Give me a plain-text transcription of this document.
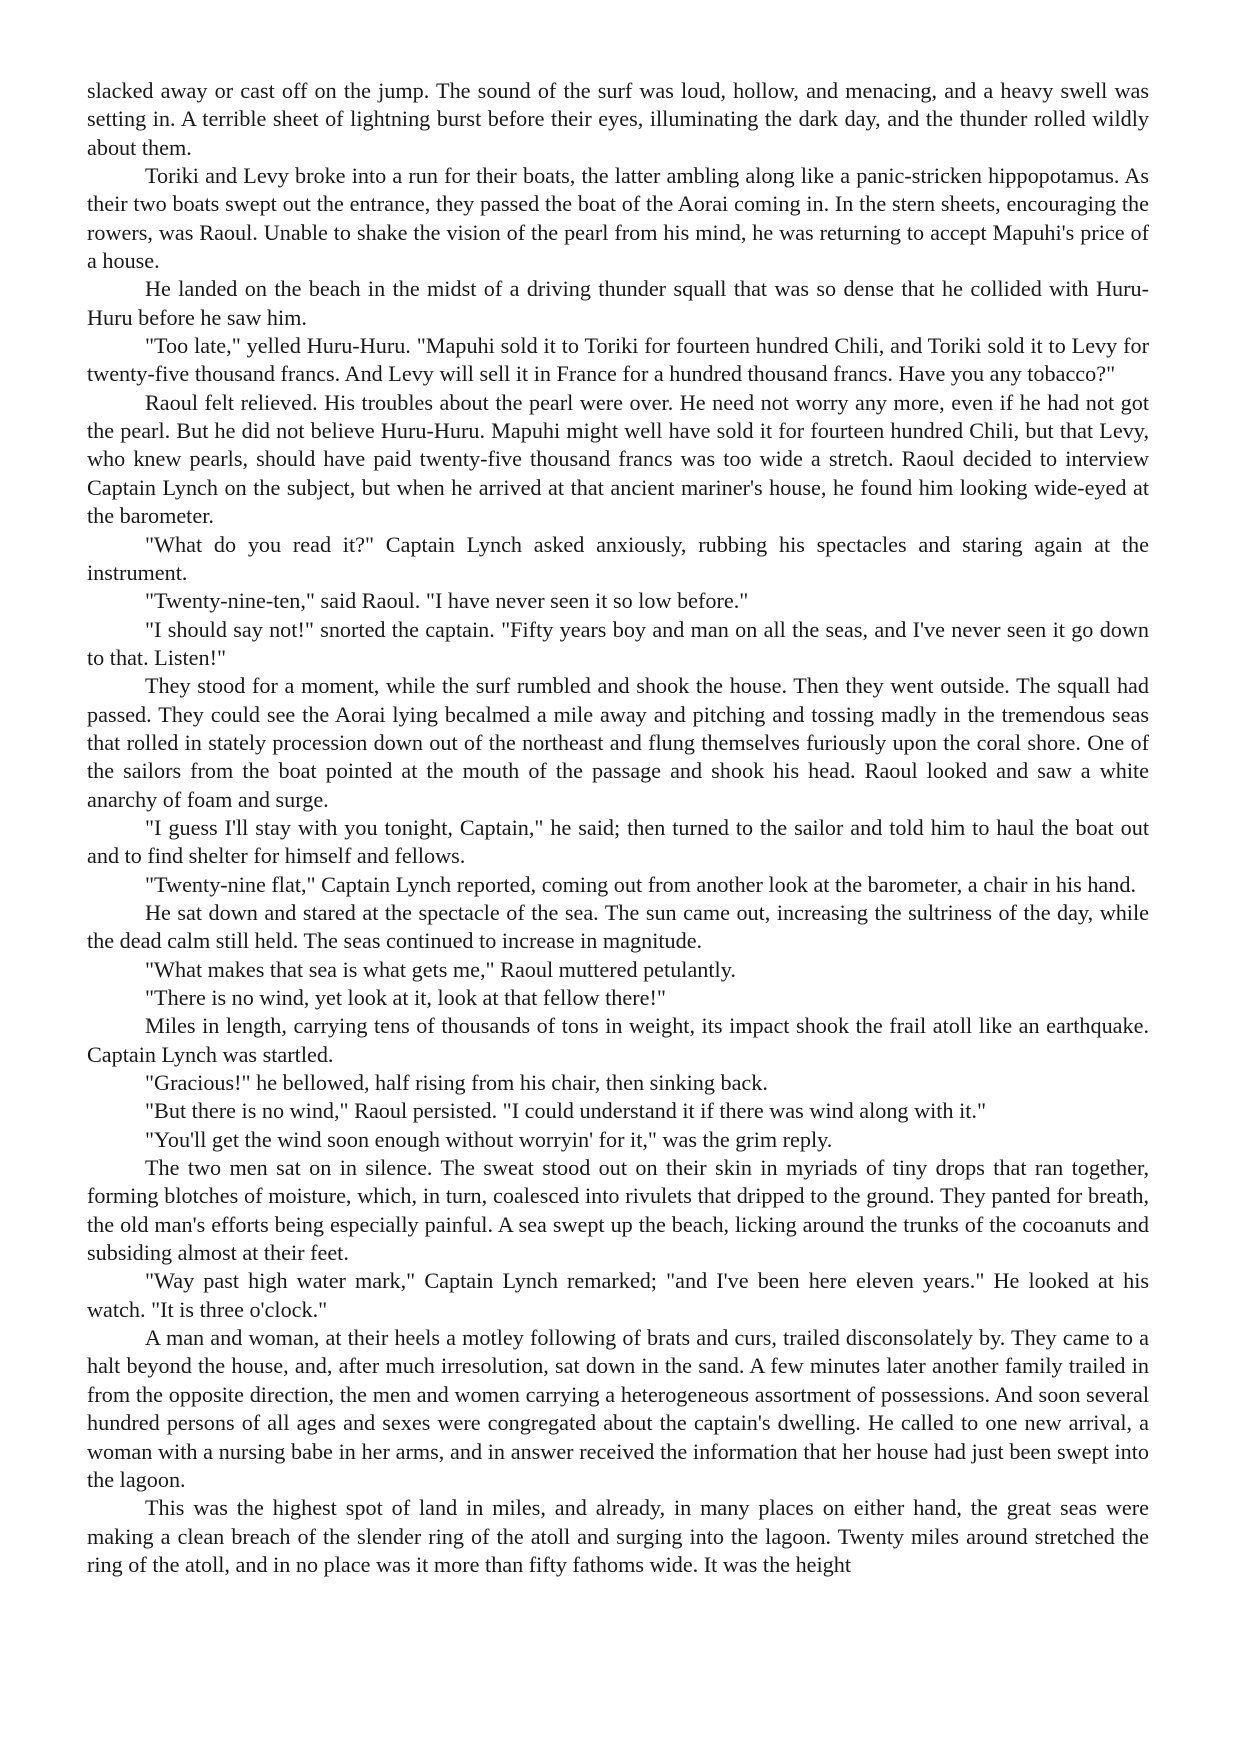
slacked away or cast off on the jump. The sound of the surf was loud, hollow, and menacing, and a heavy swell was setting in. A terrible sheet of lightning burst before their eyes, illuminating the dark day, and the thunder rolled wildly about them.

Toriki and Levy broke into a run for their boats, the latter ambling along like a panic-stricken hippopotamus. As their two boats swept out the entrance, they passed the boat of the Aorai coming in. In the stern sheets, encouraging the rowers, was Raoul. Unable to shake the vision of the pearl from his mind, he was returning to accept Mapuhi's price of a house.

He landed on the beach in the midst of a driving thunder squall that was so dense that he collided with Huru-Huru before he saw him.

"Too late," yelled Huru-Huru. "Mapuhi sold it to Toriki for fourteen hundred Chili, and Toriki sold it to Levy for twenty-five thousand francs. And Levy will sell it in France for a hundred thousand francs. Have you any tobacco?"

Raoul felt relieved. His troubles about the pearl were over. He need not worry any more, even if he had not got the pearl. But he did not believe Huru-Huru. Mapuhi might well have sold it for fourteen hundred Chili, but that Levy, who knew pearls, should have paid twenty-five thousand francs was too wide a stretch. Raoul decided to interview Captain Lynch on the subject, but when he arrived at that ancient mariner's house, he found him looking wide-eyed at the barometer.

"What do you read it?" Captain Lynch asked anxiously, rubbing his spectacles and staring again at the instrument.

"Twenty-nine-ten," said Raoul. "I have never seen it so low before."

"I should say not!" snorted the captain. "Fifty years boy and man on all the seas, and I've never seen it go down to that. Listen!"

They stood for a moment, while the surf rumbled and shook the house. Then they went outside. The squall had passed. They could see the Aorai lying becalmed a mile away and pitching and tossing madly in the tremendous seas that rolled in stately procession down out of the northeast and flung themselves furiously upon the coral shore. One of the sailors from the boat pointed at the mouth of the passage and shook his head. Raoul looked and saw a white anarchy of foam and surge.

"I guess I'll stay with you tonight, Captain," he said; then turned to the sailor and told him to haul the boat out and to find shelter for himself and fellows.

"Twenty-nine flat," Captain Lynch reported, coming out from another look at the barometer, a chair in his hand.

He sat down and stared at the spectacle of the sea. The sun came out, increasing the sultriness of the day, while the dead calm still held. The seas continued to increase in magnitude.

"What makes that sea is what gets me," Raoul muttered petulantly.

"There is no wind, yet look at it, look at that fellow there!"

Miles in length, carrying tens of thousands of tons in weight, its impact shook the frail atoll like an earthquake. Captain Lynch was startled.

"Gracious!" he bellowed, half rising from his chair, then sinking back.

"But there is no wind," Raoul persisted. "I could understand it if there was wind along with it."

"You'll get the wind soon enough without worryin' for it," was the grim reply.

The two men sat on in silence. The sweat stood out on their skin in myriads of tiny drops that ran together, forming blotches of moisture, which, in turn, coalesced into rivulets that dripped to the ground. They panted for breath, the old man's efforts being especially painful. A sea swept up the beach, licking around the trunks of the cocoanuts and subsiding almost at their feet.

"Way past high water mark," Captain Lynch remarked; "and I've been here eleven years." He looked at his watch. "It is three o'clock."

A man and woman, at their heels a motley following of brats and curs, trailed disconsolately by. They came to a halt beyond the house, and, after much irresolution, sat down in the sand. A few minutes later another family trailed in from the opposite direction, the men and women carrying a heterogeneous assortment of possessions. And soon several hundred persons of all ages and sexes were congregated about the captain's dwelling. He called to one new arrival, a woman with a nursing babe in her arms, and in answer received the information that her house had just been swept into the lagoon.

This was the highest spot of land in miles, and already, in many places on either hand, the great seas were making a clean breach of the slender ring of the atoll and surging into the lagoon. Twenty miles around stretched the ring of the atoll, and in no place was it more than fifty fathoms wide. It was the height
